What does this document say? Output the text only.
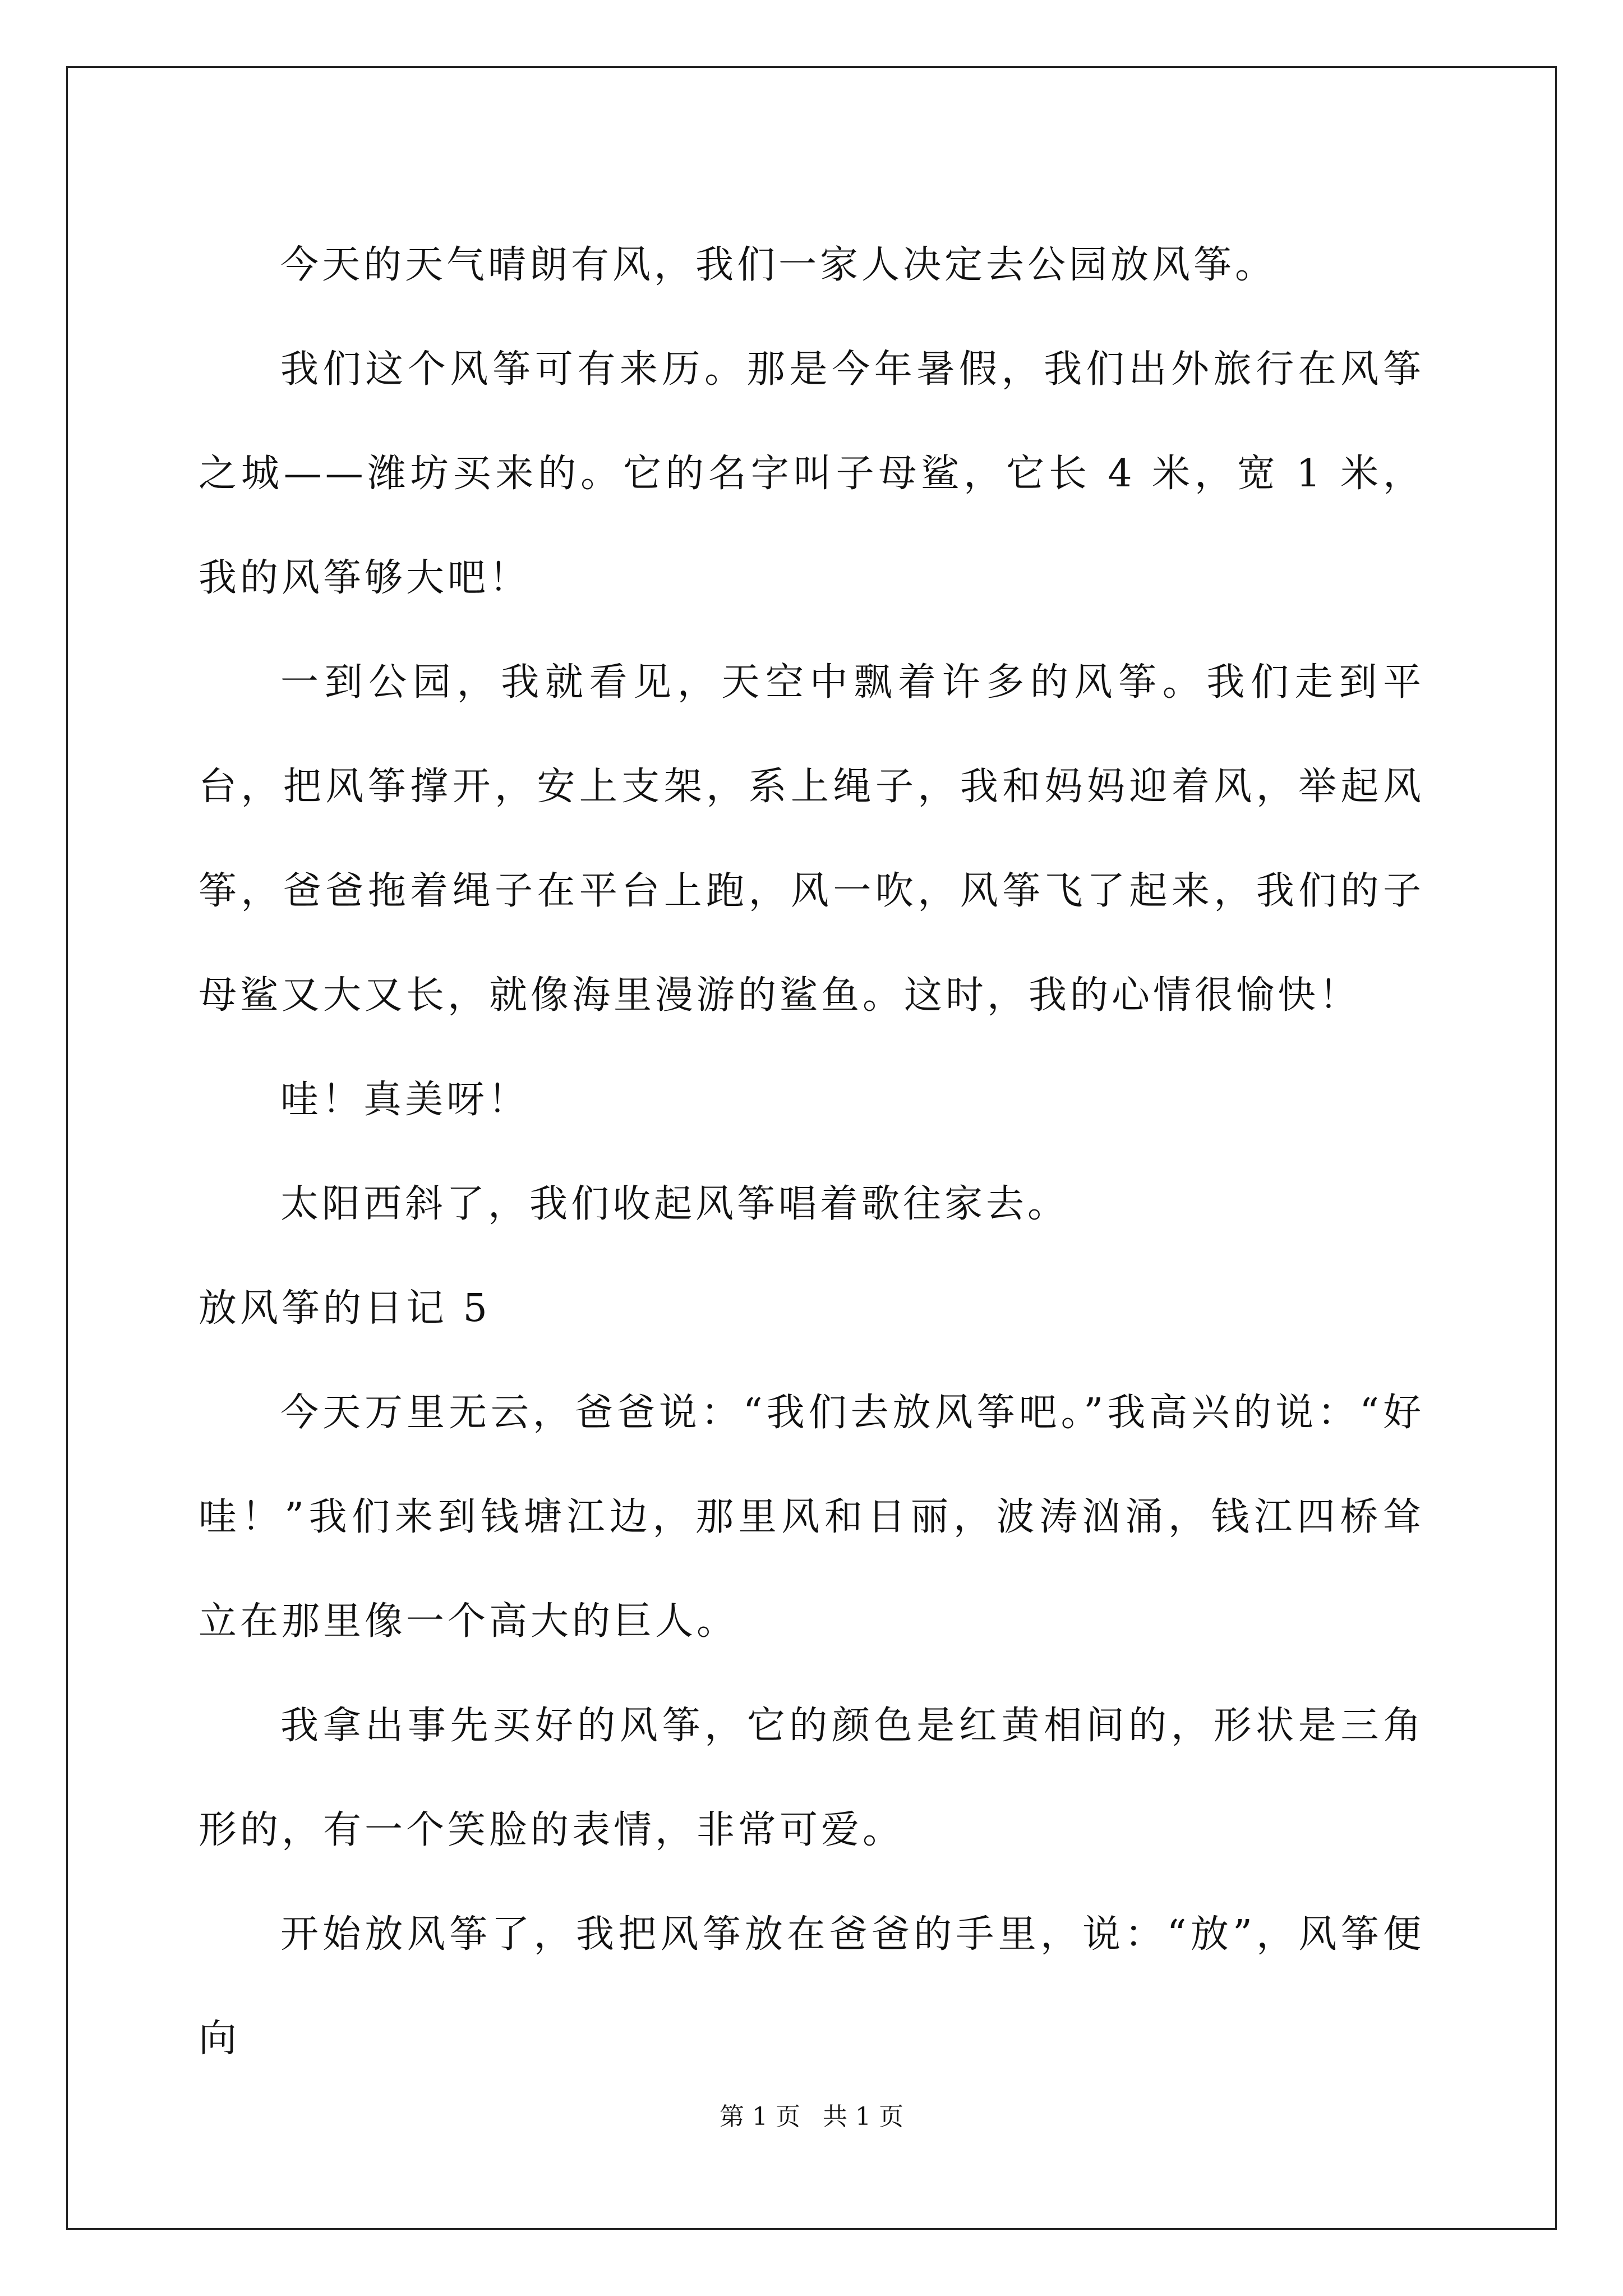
今天的天气晴朗有风，我们一家人决定去公园放风筝。

我们这个风筝可有来历。那是今年暑假，我们出外旅行在风筝之城——潍坊买来的。它的名字叫子母鲨，它长 4 米，宽 1 米，我的风筝够大吧！

一到公园，我就看见，天空中飘着许多的风筝。我们走到平台，把风筝撑开，安上支架，系上绳子，我和妈妈迎着风，举起风筝，爸爸拖着绳子在平台上跑，风一吹，风筝飞了起来，我们的子母鲨又大又长，就像海里漫游的鲨鱼。这时，我的心情很愉快！

哇！真美呀！

太阳西斜了，我们收起风筝唱着歌往家去。

放风筝的日记 5

今天万里无云，爸爸说：“我们去放风筝吧。”我高兴的说：“好哇！”我们来到钱塘江边，那里风和日丽，波涛汹涌，钱江四桥耸立在那里像一个高大的巨人。

我拿出事先买好的风筝，它的颜色是红黄相间的，形状是三角形的，有一个笑脸的表情，非常可爱。

开始放风筝了，我把风筝放在爸爸的手里，说：“放”，风筝便向

第 1 页 共 1 页
